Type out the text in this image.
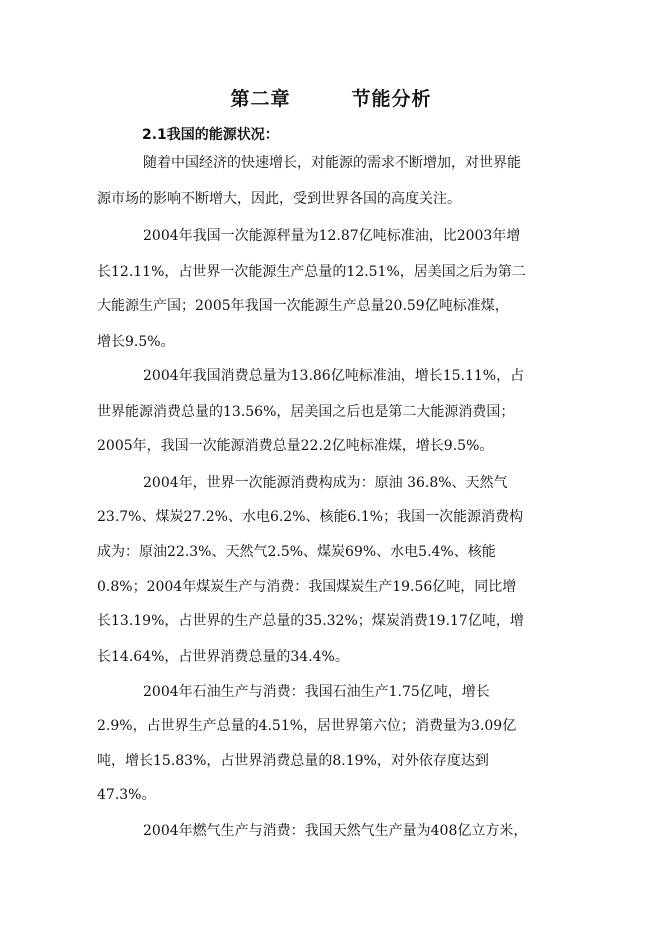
第二章        节能分析
2.1我国的能源状况：
随着中国经济的快速增长，对能源的需求不断增加，对世界能
源市场的影响不断增大，因此，受到世界各国的高度关注。
2004年我国一次能源秤量为12.87亿吨标准油，比2003年增
长12.11%，占世界一次能源生产总量的12.51%，居美国之后为第二
大能源生产国；2005年我国一次能源生产总量20.59亿吨标准煤，
增长9.5%。
2004年我国消费总量为13.86亿吨标准油，增长15.11%，占
世界能源消费总量的13.56%，居美国之后也是第二大能源消费国；
2005年，我国一次能源消费总量22.2亿吨标准煤，增长9.5%。
2004年，世界一次能源消费构成为：原油 36.8%、天然气
23.7%、煤炭27.2%、水电6.2%、核能6.1%；我国一次能源消费构
成为：原油22.3%、天然气2.5%、煤炭69%、水电5.4%、核能
0.8%；2004年煤炭生产与消费：我国煤炭生产19.56亿吨，同比增
长13.19%，占世界的生产总量的35.32%；煤炭消费19.17亿吨，增
长14.64%，占世界消费总量的34.4%。
2004年石油生产与消费：我国石油生产1.75亿吨，增长
2.9%，占世界生产总量的4.51%，居世界第六位；消费量为3.09亿
吨，增长15.83%，占世界消费总量的8.19%，对外依存度达到
47.3%。
2004年燃气生产与消费：我国天然气生产量为408亿立方米，
